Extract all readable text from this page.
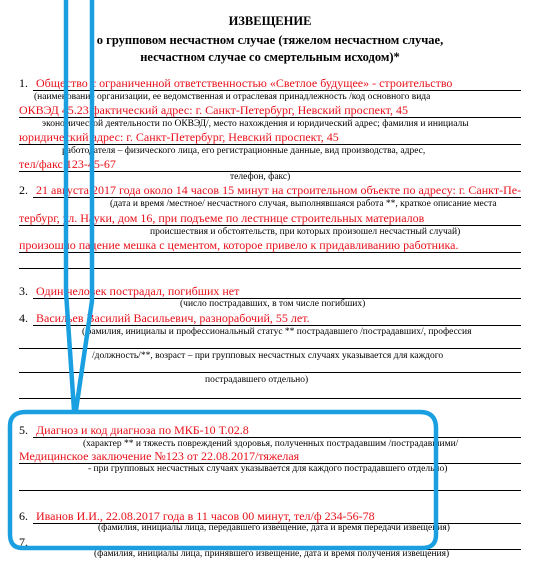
ИЗВЕЩЕНИЕ
о групповом несчастном случае (тяжелом несчастном случае,
несчастном случае со смертельным исходом)*
1. Общество с ограниченной ответственностью «Светлое будущее» - строительство
(наименование организации, ее ведомственная и отраслевая принадлежность /код основного вида
ОКВЭД 45.23 фактический адрес: г. Санкт-Петербург, Невский проспект, 45
экономической деятельности по ОКВЭД/, место нахождения и юридический адрес; фамилия и инициалы
юридический адрес: г. Санкт-Петербург, Невский проспект, 45
работодателя – физического лица, его регистрационные данные, вид производства, адрес,
тел/факс 123-45-67
телефон, факс)
2. 21 августа 2017 года около 14 часов 15 минут на строительном объекте по адресу: г. Санкт-Пе-
(дата и время /местное/ несчастного случая, выполнявшаяся работа **, краткое описание места
тербург, ул. Науки, дом 16, при подъеме по лестнице строительных материалов
происшествия и обстоятельств, при которых произошел несчастный случай)
произошло падение мешка с цементом, которое привело к придавливанию работника.
3. Один человек пострадал, погибших нет
(число пострадавших, в том числе погибших)
4. Васильев Василий Васильевич, разнорабочий, 55 лет.
(фамилия, инициалы и профессиональный статус ** пострадавшего /пострадавших/, профессия
/должность/**, возраст – при групповых несчастных случаях указывается для каждого
пострадавшего отдельно)
5. Диагноз и код диагноза по МКБ-10 Т.02.8
(характер ** и тяжесть повреждений здоровья, полученных пострадавшим /пострадавшими/
Медицинское заключение №123 от 22.08.2017/тяжелая
- при групповых несчастных случаях указывается для каждого пострадавшего отдельно)
6. Иванов И.И., 22.08.2017 года в 11 часов 00 минут, тел/ф 234-56-78
(фамилия, инициалы лица, передавшего извещение, дата и время передачи извещения)
7.
(фамилия, инициалы лица, принявшего извещение, дата и время получения извещения)
